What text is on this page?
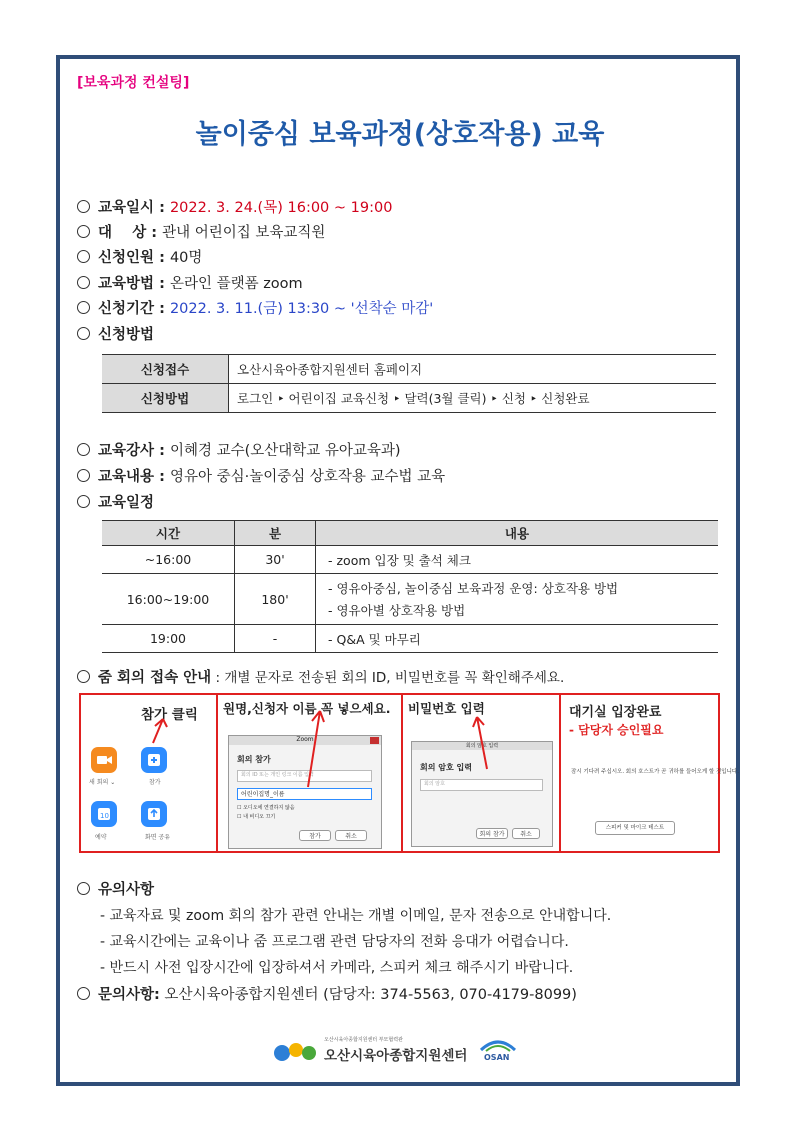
[보육과정 컨설팅]
놀이중심 보육과정(상호작용) 교육
교육일시 : 2022. 3. 24.(목) 16:00 ~ 19:00
대    상 : 관내 어린이집 보육교직원
신청인원 : 40명
교육방법 : 온라인 플랫폼 zoom
신청기간 : 2022. 3. 11.(금) 13:30 ~ '선착순 마감'
신청방법
신청접수	오산시육아종합지원센터 홈페이지
신청방법	로그인 ‣ 어린이집 교육신청 ‣ 달력(3월 클릭) ‣ 신청 ‣ 신청완료
교육강사 : 이혜경 교수(오산대학교 유아교육과)
교육내용 : 영유아 중심·놀이중심 상호작용 교수법 교육
교육일정
시간	분	내용
~16:00	30'	- zoom 입장 및 출석 체크
16:00~19:00	180'	- 영유아중심, 놀이중심 보육과정 운영: 상호작용 방법
- 영유아별 상호작용 방법

19:00	-	- Q&A 및 마무리
줌 회의 접속 안내 : 개별 문자로 전송된 회의 ID, 비밀번호를 꼭 확인해주세요.
참가 클릭
새 회의 ⌄	참가
10
예약	화면 공유
원명,신청자 이름 꼭 넣으세요.
Zoom
회의 참가
회의 ID 또는 개인 링크 이름 입력
어린이집명_이름
☐ 오디오에 연결하지 않음
☐ 내 비디오 끄기
참가	취소
비밀번호 입력
회의 암호 입력
회의 암호 입력
회의 암호
회의 참가	취소
대기실 입장완료
- 담당자 승인필요
잠시 기다려 주십시오. 회의 호스트가 곧 귀하를 들어오게 할 것입니다.
스피커 및 마이크 테스트
유의사항
- 교육자료 및 zoom 회의 참가 관련 안내는 개별 이메일, 문자 전송으로 안내합니다.
- 교육시간에는 교육이나 줌 프로그램 관련 담당자의 전화 응대가 어렵습니다.
- 반드시 사전 입장시간에 입장하셔서 카메라, 스피커 체크 해주시기 바랍니다.
문의사항: 오산시육아종합지원센터 (담당자: 374-5563, 070-4179-8099)
오산시육아종합지원센터 부모협력관
오산시육아종합지원센터 OSAN
